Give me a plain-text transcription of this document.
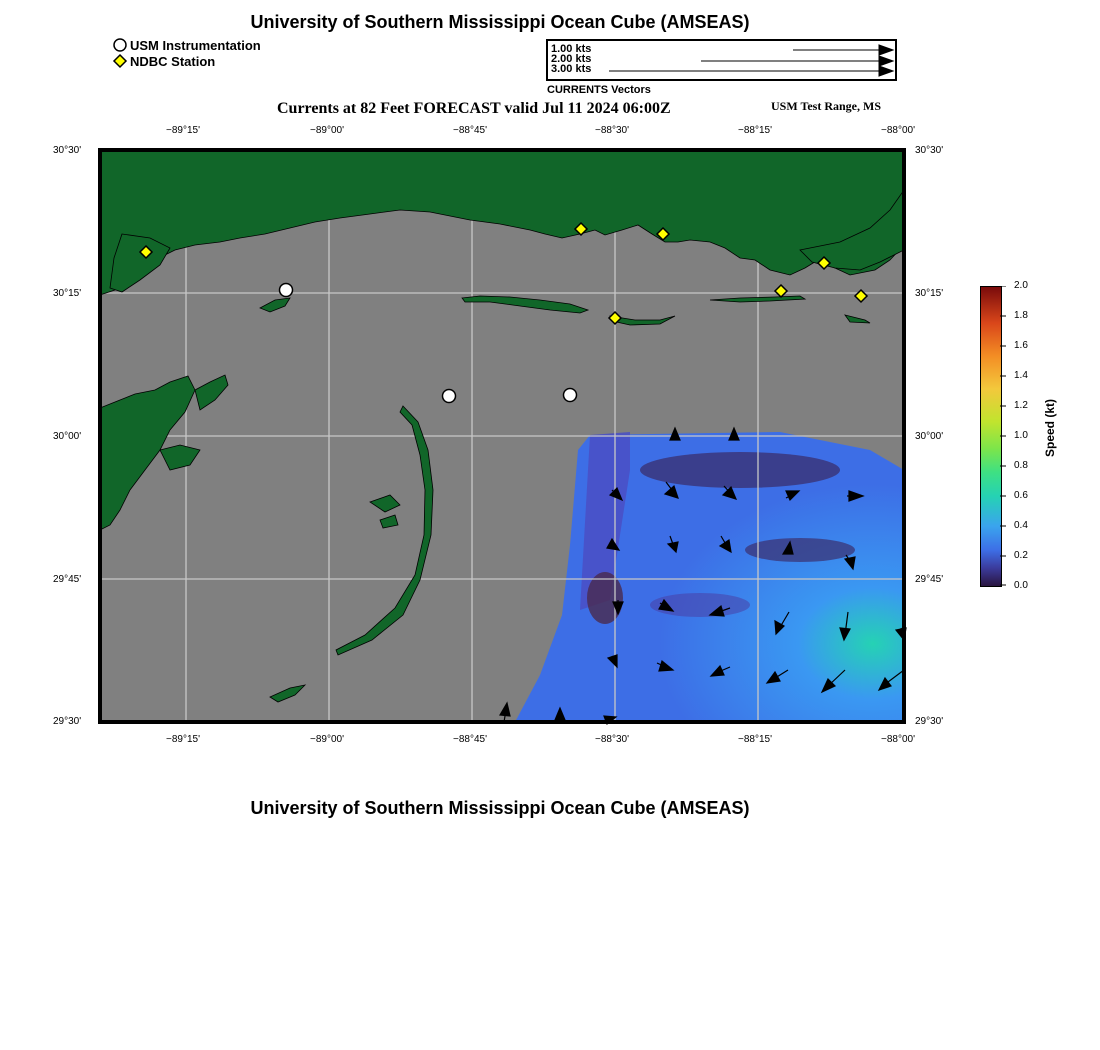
University of Southern Mississippi Ocean Cube (AMSEAS)
USM Instrumentation
NDBC Station
1.00 kts
2.00 kts
3.00 kts
CURRENTS Vectors
Currents at 82 Feet FORECAST valid Jul 11 2024 06:00Z	USM Test Range, MS
−89°15'	−89°00'	−88°45'	−88°30'	−88°15'	−88°00'
−89°15'	−89°00'	−88°45'	−88°30'	−88°15'	−88°00'
30°30'
30°15'
30°00'
29°45'
29°30'
30°30'
30°15'
30°00'
29°45'
29°30'
2.0
1.8
1.6
1.4
1.2
1.0
0.8
0.6
0.4
0.2
0.0
Speed (kt)
University of Southern Mississippi Ocean Cube (AMSEAS)
